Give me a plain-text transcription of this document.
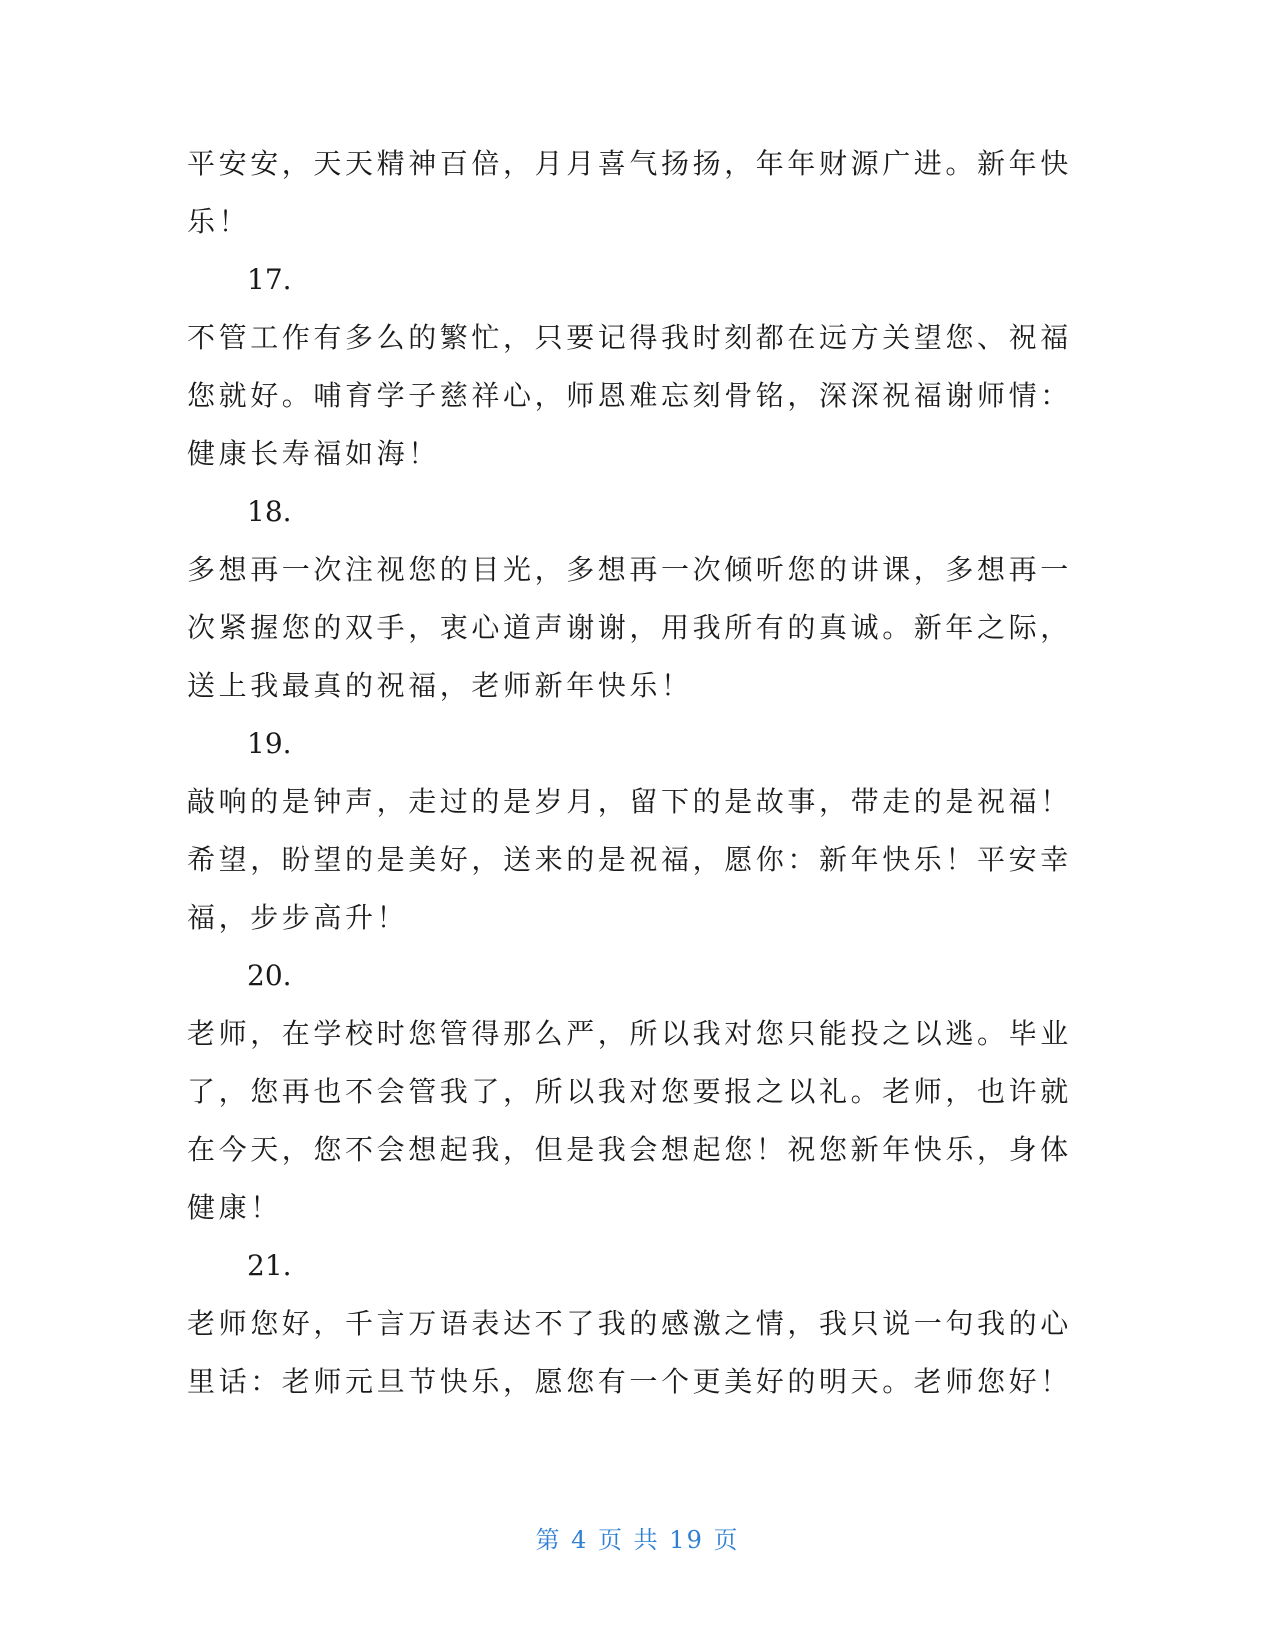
平安安，天天精神百倍，月月喜气扬扬，年年财源广进。新年快
乐！
17.
不管工作有多么的繁忙，只要记得我时刻都在远方关望您、祝福
您就好。哺育学子慈祥心，师恩难忘刻骨铭，深深祝福谢师情：
健康长寿福如海！
18.
多想再一次注视您的目光，多想再一次倾听您的讲课，多想再一
次紧握您的双手，衷心道声谢谢，用我所有的真诚。新年之际，
送上我最真的祝福，老师新年快乐！
19.
敲响的是钟声，走过的是岁月，留下的是故事，带走的是祝福！
希望，盼望的是美好，送来的是祝福，愿你：新年快乐！平安幸
福，步步高升！
20.
老师，在学校时您管得那么严，所以我对您只能投之以逃。毕业
了，您再也不会管我了，所以我对您要报之以礼。老师，也许就
在今天，您不会想起我，但是我会想起您！祝您新年快乐，身体
健康！
21.
老师您好，千言万语表达不了我的感激之情，我只说一句我的心
里话：老师元旦节快乐，愿您有一个更美好的明天。老师您好！
第 4 页 共 19 页
